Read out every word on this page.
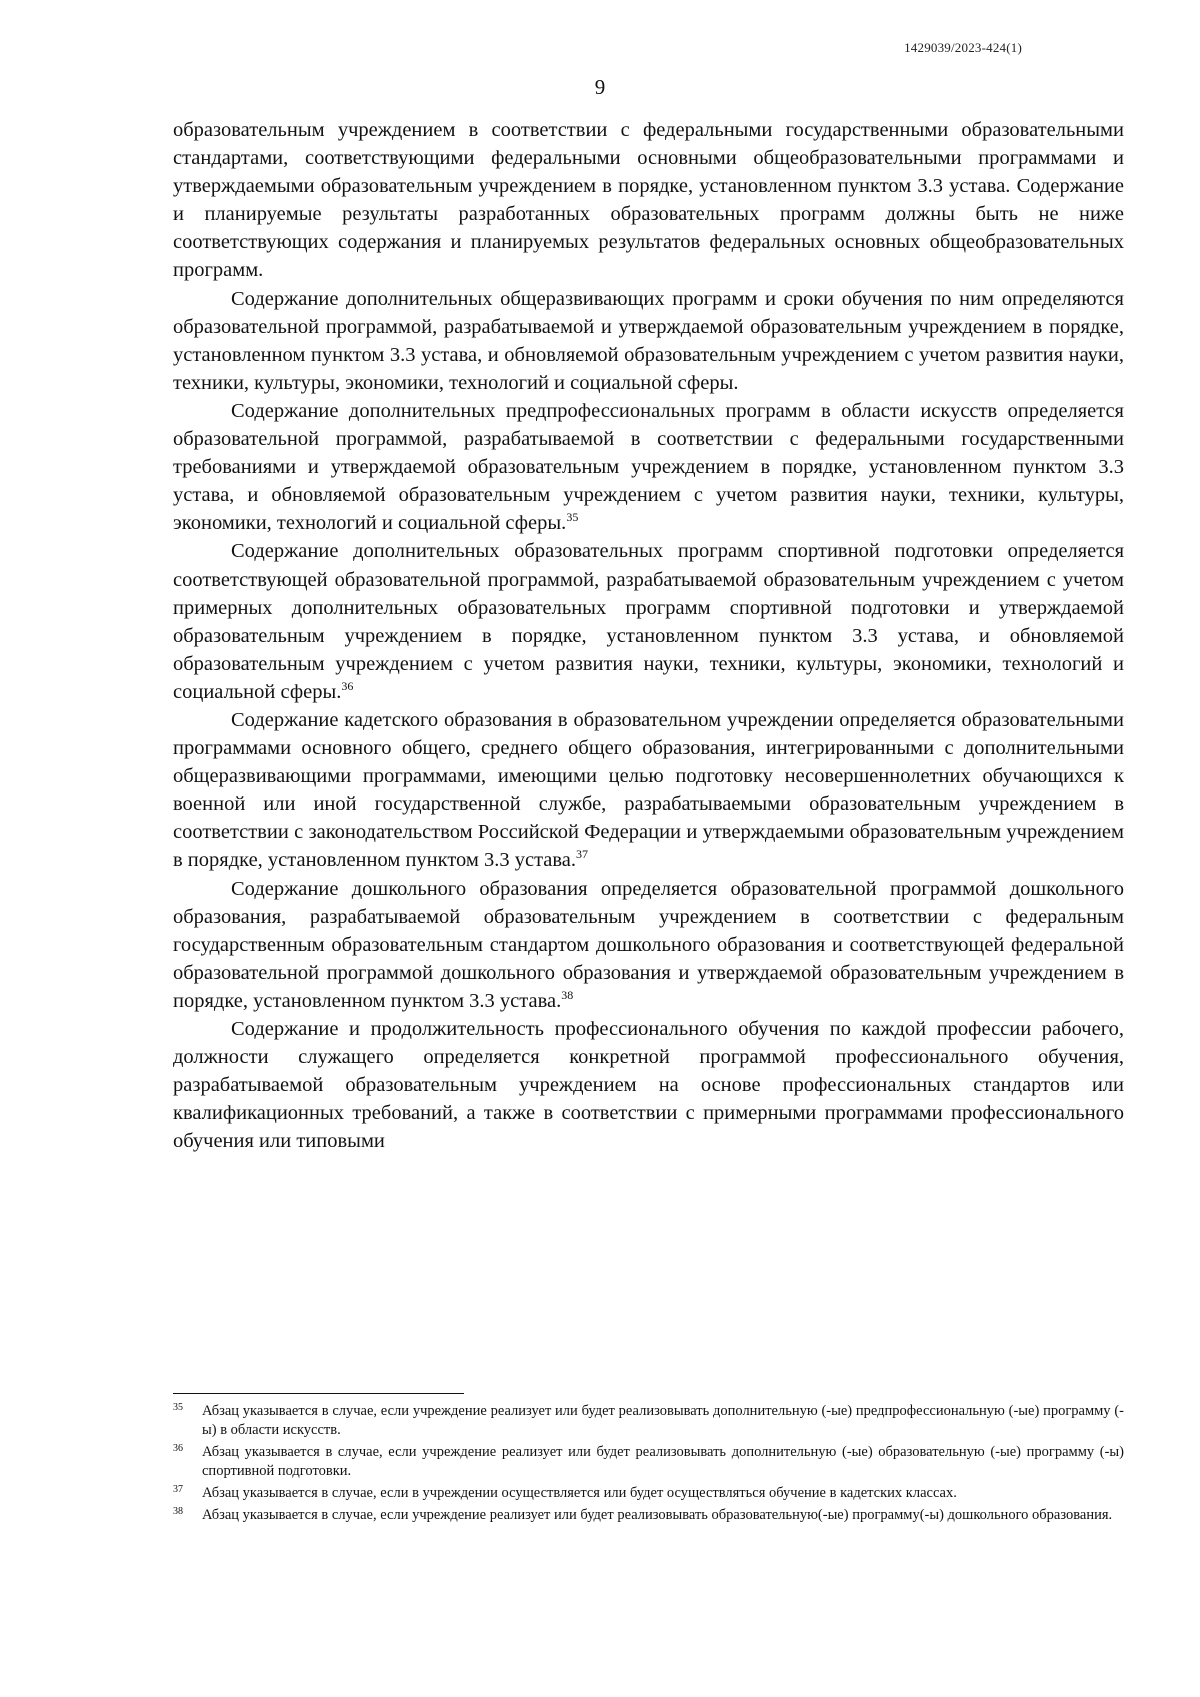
1429039/2023-424(1)
9

образовательным учреждением в соответствии с федеральными государственными образовательными стандартами, соответствующими федеральными основными общеобразовательными программами и утверждаемыми образовательным учреждением в порядке, установленном пунктом 3.3 устава. Содержание и планируемые результаты разработанных образовательных программ должны быть не ниже соответствующих содержания и планируемых результатов федеральных основных общеобразовательных программ.

Содержание дополнительных общеразвивающих программ и сроки обучения по ним определяются образовательной программой, разрабатываемой и утверждаемой образовательным учреждением в порядке, установленном пунктом 3.3 устава, и обновляемой образовательным учреждением с учетом развития науки, техники, культуры, экономики, технологий и социальной сферы.

Содержание дополнительных предпрофессиональных программ в области искусств определяется образовательной программой, разрабатываемой в соответствии с федеральными государственными требованиями и утверждаемой образовательным учреждением в порядке, установленном пунктом 3.3 устава, и обновляемой образовательным учреждением с учетом развития науки, техники, культуры, экономики, технологий и социальной сферы.$^{35}$

Содержание дополнительных образовательных программ спортивной подготовки определяется соответствующей образовательной программой, разрабатываемой образовательным учреждением с учетом примерных дополнительных образовательных программ спортивной подготовки и утверждаемой образовательным учреждением в порядке, установленном пунктом 3.3 устава, и обновляемой образовательным учреждением с учетом развития науки, техники, культуры, экономики, технологий и социальной сферы.$^{36}$

Содержание кадетского образования в образовательном учреждении определяется образовательными программами основного общего, среднего общего образования, интегрированными с дополнительными общеразвивающими программами, имеющими целью подготовку несовершеннолетних обучающихся к военной или иной государственной службе, разрабатываемыми образовательным учреждением в соответствии с законодательством Российской Федерации и утверждаемыми образовательным учреждением в порядке, установленном пунктом 3.3 устава.$^{37}$

Содержание дошкольного образования определяется образовательной программой дошкольного образования, разрабатываемой образовательным учреждением в соответствии с федеральным государственным образовательным стандартом дошкольного образования и соответствующей федеральной образовательной программой дошкольного образования и утверждаемой образовательным учреждением в порядке, установленном пунктом 3.3 устава.$^{38}$

Содержание и продолжительность профессионального обучения по каждой профессии рабочего, должности служащего определяется конкретной программой профессионального обучения, разрабатываемой образовательным учреждением на основе профессиональных стандартов или квалификационных требований, а также в соответствии с примерными программами профессионального обучения или типовыми

35 Абзац указывается в случае, если учреждение реализует или будет реализовывать дополнительную (-ые) предпрофессиональную (-ые) программу (-ы) в области искусств.
36 Абзац указывается в случае, если учреждение реализует или будет реализовывать дополнительную (-ые) образовательную (-ые) программу (-ы) спортивной подготовки.
37 Абзац указывается в случае, если в учреждении осуществляется или будет осуществляться обучение в кадетских классах.
38 Абзац указывается в случае, если учреждение реализует или будет реализовывать образовательную(-ые) программу(-ы) дошкольного образования.
